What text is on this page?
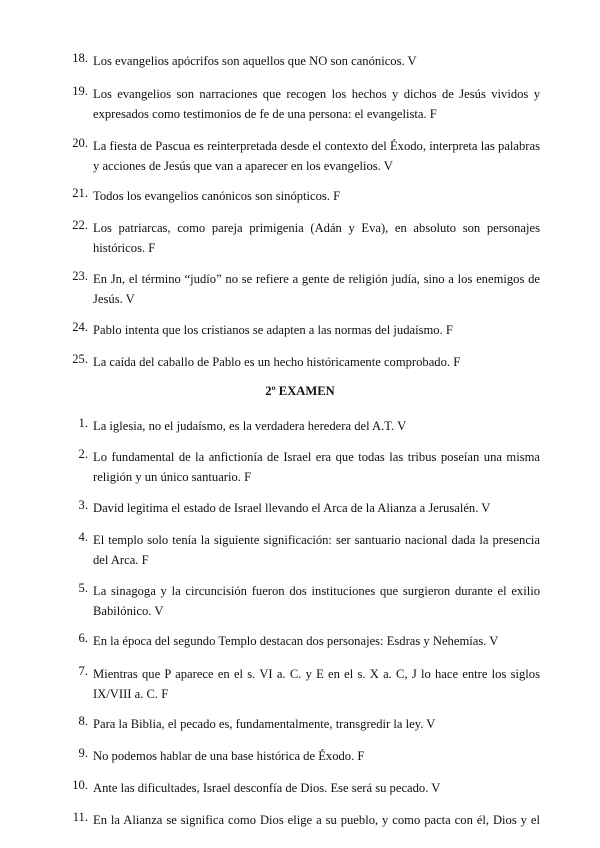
18. Los evangelios apócrifos son aquellos que NO son canónicos. V
19. Los evangelios son narraciones que recogen los hechos y dichos de Jesús vividos y expresados como testimonios de fe de una persona: el evangelista. F
20. La fiesta de Pascua es reinterpretada desde el contexto del Éxodo, interpreta las palabras y acciones de Jesús que van a aparecer en los evangelios. V
21. Todos los evangelios canónicos son sinópticos. F
22. Los patriarcas, como pareja primigenia (Adán y Eva), en absoluto son personajes históricos. F
23. En Jn, el término “judío” no se refiere a gente de religión judía, sino a los enemigos de Jesús. V
24. Pablo intenta que los cristianos se adapten a las normas del judaísmo. F
25. La caída del caballo de Pablo es un hecho históricamente comprobado. F
2º EXAMEN
1. La iglesia, no el judaísmo, es la verdadera heredera del A.T. V
2. Lo fundamental de la anfictionía de Israel era que todas las tribus poseían una misma religión y un único santuario. F
3. David legitima el estado de Israel llevando el Arca de la Alianza a Jerusalén. V
4. El templo solo tenía la siguiente significación: ser santuario nacional dada la presencia del Arca. F
5. La sinagoga y la circuncisión fueron dos instituciones que surgieron durante el exilio Babilónico. V
6. En la época del segundo Templo destacan dos personajes: Esdras y Nehemías. V
7. Mientras que P aparece en el s. VI a. C. y E en el s. X a. C, J lo hace entre los siglos IX/VIII a. C. F
8. Para la Biblia, el pecado es, fundamentalmente, transgredir la ley. V
9. No podemos hablar de una base histórica de Éxodo. F
10. Ante las dificultades, Israel desconfía de Dios. Ese será su pecado. V
11. En la Alianza se significa como Dios elige a su pueblo, y como pacta con él, Dios y el
